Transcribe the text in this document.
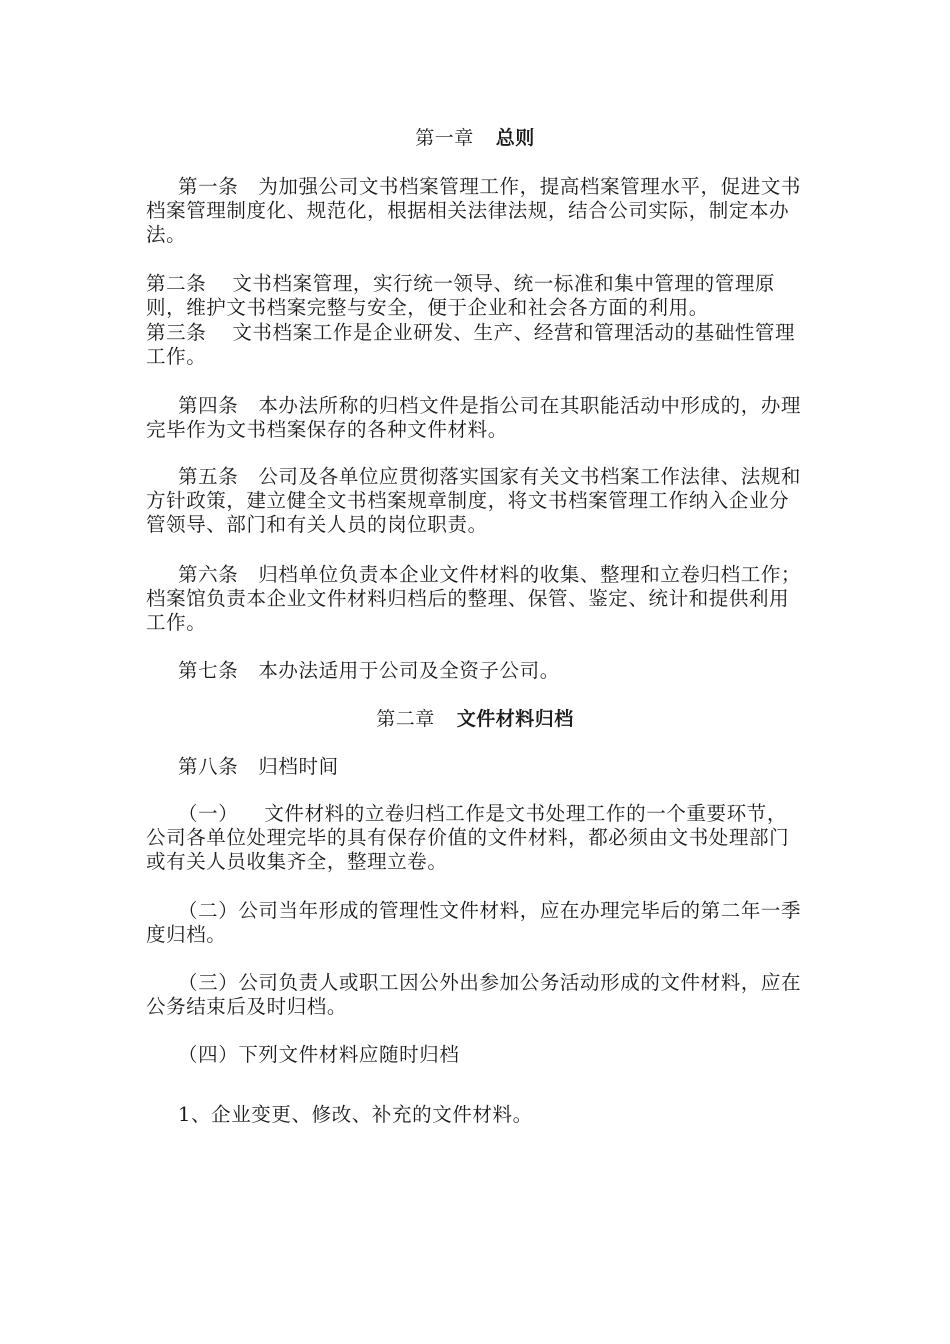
第一章 总则
第一条 为加强公司文书档案管理工作，提高档案管理水平，促进文书档案管理制度化、规范化，根据相关法律法规，结合公司实际，制定本办法。
第二条 文书档案管理，实行统一领导、统一标准和集中管理的管理原则，维护文书档案完整与安全，便于企业和社会各方面的利用。
第三条 文书档案工作是企业研发、生产、经营和管理活动的基础性管理工作。
第四条 本办法所称的归档文件是指公司在其职能活动中形成的，办理完毕作为文书档案保存的各种文件材料。
第五条 公司及各单位应贯彻落实国家有关文书档案工作法律、法规和方针政策，建立健全文书档案规章制度，将文书档案管理工作纳入企业分管领导、部门和有关人员的岗位职责。
第六条 归档单位负责本企业文件材料的收集、整理和立卷归档工作；档案馆负责本企业文件材料归档后的整理、保管、鉴定、统计和提供利用工作。
第七条 本办法适用于公司及全资子公司。
第二章 文件材料归档
第八条 归档时间
（一） 文件材料的立卷归档工作是文书处理工作的一个重要环节，公司各单位处理完毕的具有保存价值的文件材料，都必须由文书处理部门或有关人员收集齐全，整理立卷。
（二）公司当年形成的管理性文件材料，应在办理完毕后的第二年一季度归档。
（三）公司负责人或职工因公外出参加公务活动形成的文件材料，应在公务结束后及时归档。
（四）下列文件材料应随时归档
1、企业变更、修改、补充的文件材料。
